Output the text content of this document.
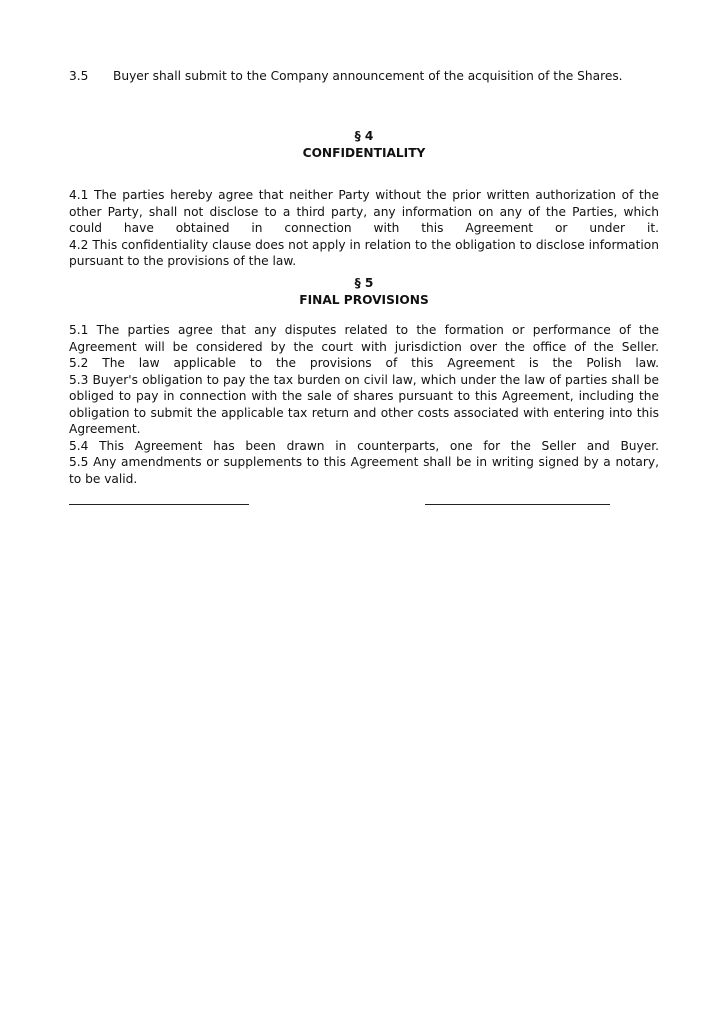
3.5 Buyer shall submit to the Company announcement of the acquisition of the Shares.
§ 4
CONFIDENTIALITY
4.1 The parties hereby agree that neither Party without the prior written authorization of the other Party, shall not disclose to a third party, any information on any of the Parties, which could have obtained in connection with this Agreement or under it.
4.2 This confidentiality clause does not apply in relation to the obligation to disclose information pursuant to the provisions of the law.
§ 5
FINAL PROVISIONS
5.1 The parties agree that any disputes related to the formation or performance of the Agreement will be considered by the court with jurisdiction over the office of the Seller.
5.2 The law applicable to the provisions of this Agreement is the Polish law.
5.3 Buyer's obligation to pay the tax burden on civil law, which under the law of parties shall be obliged to pay in connection with the sale of shares pursuant to this Agreement, including the obligation to submit the applicable tax return and other costs associated with entering into this Agreement.
5.4 This Agreement has been drawn in counterparts, one for the Seller and Buyer.
5.5 Any amendments or supplements to this Agreement shall be in writing signed by a notary, to be valid.
